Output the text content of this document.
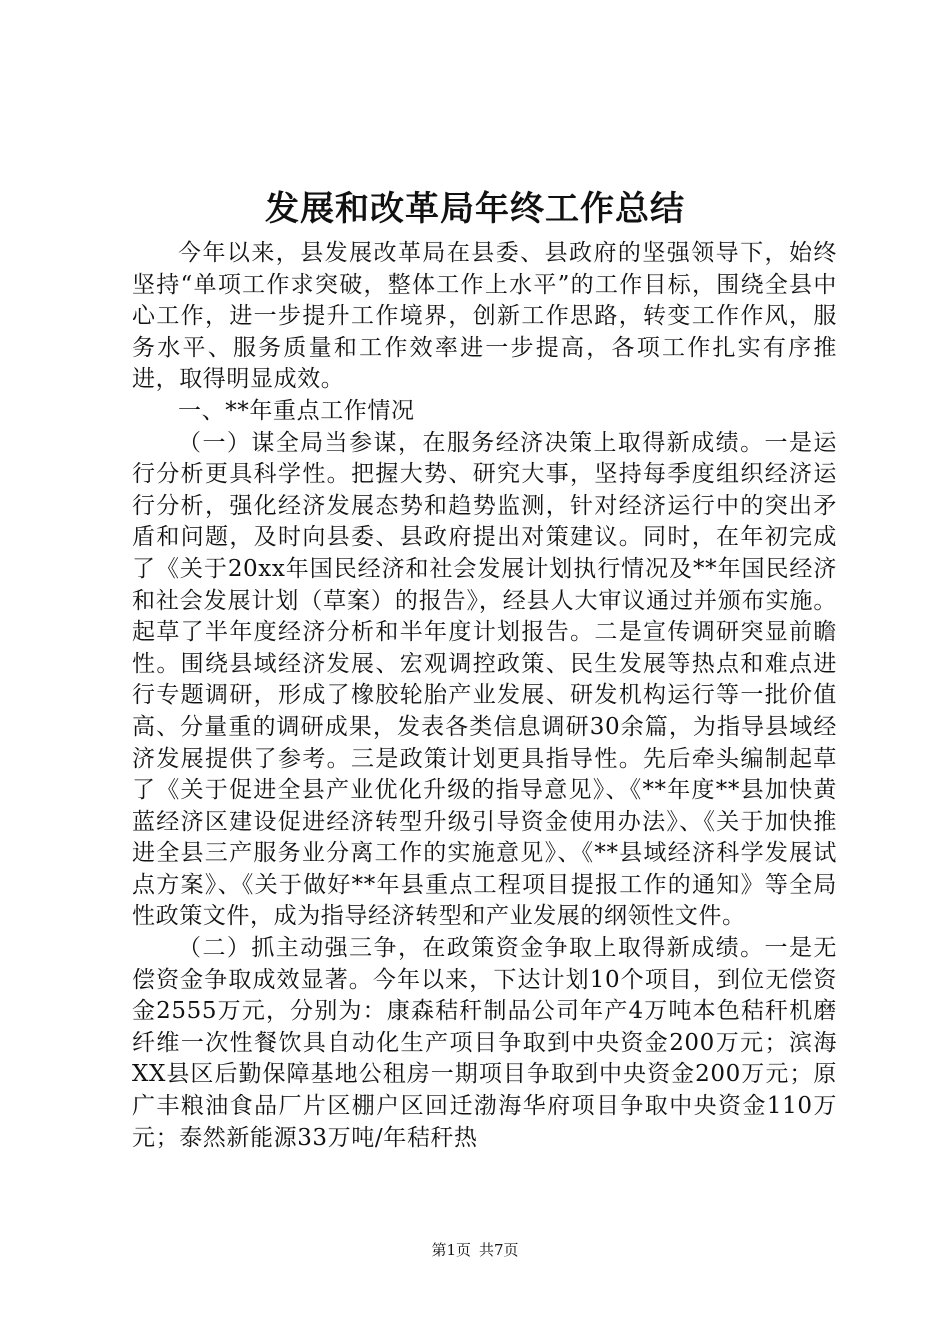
发展和改革局年终工作总结

今年以来，县发展改革局在县委、县政府的坚强领导下，始终坚持“单项工作求突破，整体工作上水平”的工作目标，围绕全县中心工作，进一步提升工作境界，创新工作思路，转变工作作风，服务水平、服务质量和工作效率进一步提高，各项工作扎实有序推进，取得明显成效。

一、**年重点工作情况

（一）谋全局当参谋，在服务经济决策上取得新成绩。一是运行分析更具科学性。把握大势、研究大事，坚持每季度组织经济运行分析，强化经济发展态势和趋势监测，针对经济运行中的突出矛盾和问题，及时向县委、县政府提出对策建议。同时，在年初完成了《关于20xx年国民经济和社会发展计划执行情况及**年国民经济和社会发展计划（草案）的报告》，经县人大审议通过并颁布实施。起草了半年度经济分析和半年度计划报告。二是宣传调研突显前瞻性。围绕县域经济发展、宏观调控政策、民生发展等热点和难点进行专题调研，形成了橡胶轮胎产业发展、研发机构运行等一批价值高、分量重的调研成果，发表各类信息调研30余篇，为指导县域经济发展提供了参考。三是政策计划更具指导性。先后牵头编制起草了《关于促进全县产业优化升级的指导意见》、《**年度**县加快黄蓝经济区建设促进经济转型升级引导资金使用办法》、《关于加快推进全县三产服务业分离工作的实施意见》、《**县域经济科学发展试点方案》、《关于做好**年县重点工程项目提报工作的通知》等全局性政策文件，成为指导经济转型和产业发展的纲领性文件。

（二）抓主动强三争，在政策资金争取上取得新成绩。一是无偿资金争取成效显著。今年以来，下达计划10个项目，到位无偿资金2555万元，分别为：康森秸秆制品公司年产4万吨本色秸秆机磨纤维一次性餐饮具自动化生产项目争取到中央资金200万元；滨海XX县区后勤保障基地公租房一期项目争取到中央资金200万元；原广丰粮油食品厂片区棚户区回迁渤海华府项目争取中央资金110万元；泰然新能源33万吨/年秸秆热

第1页 共7页
